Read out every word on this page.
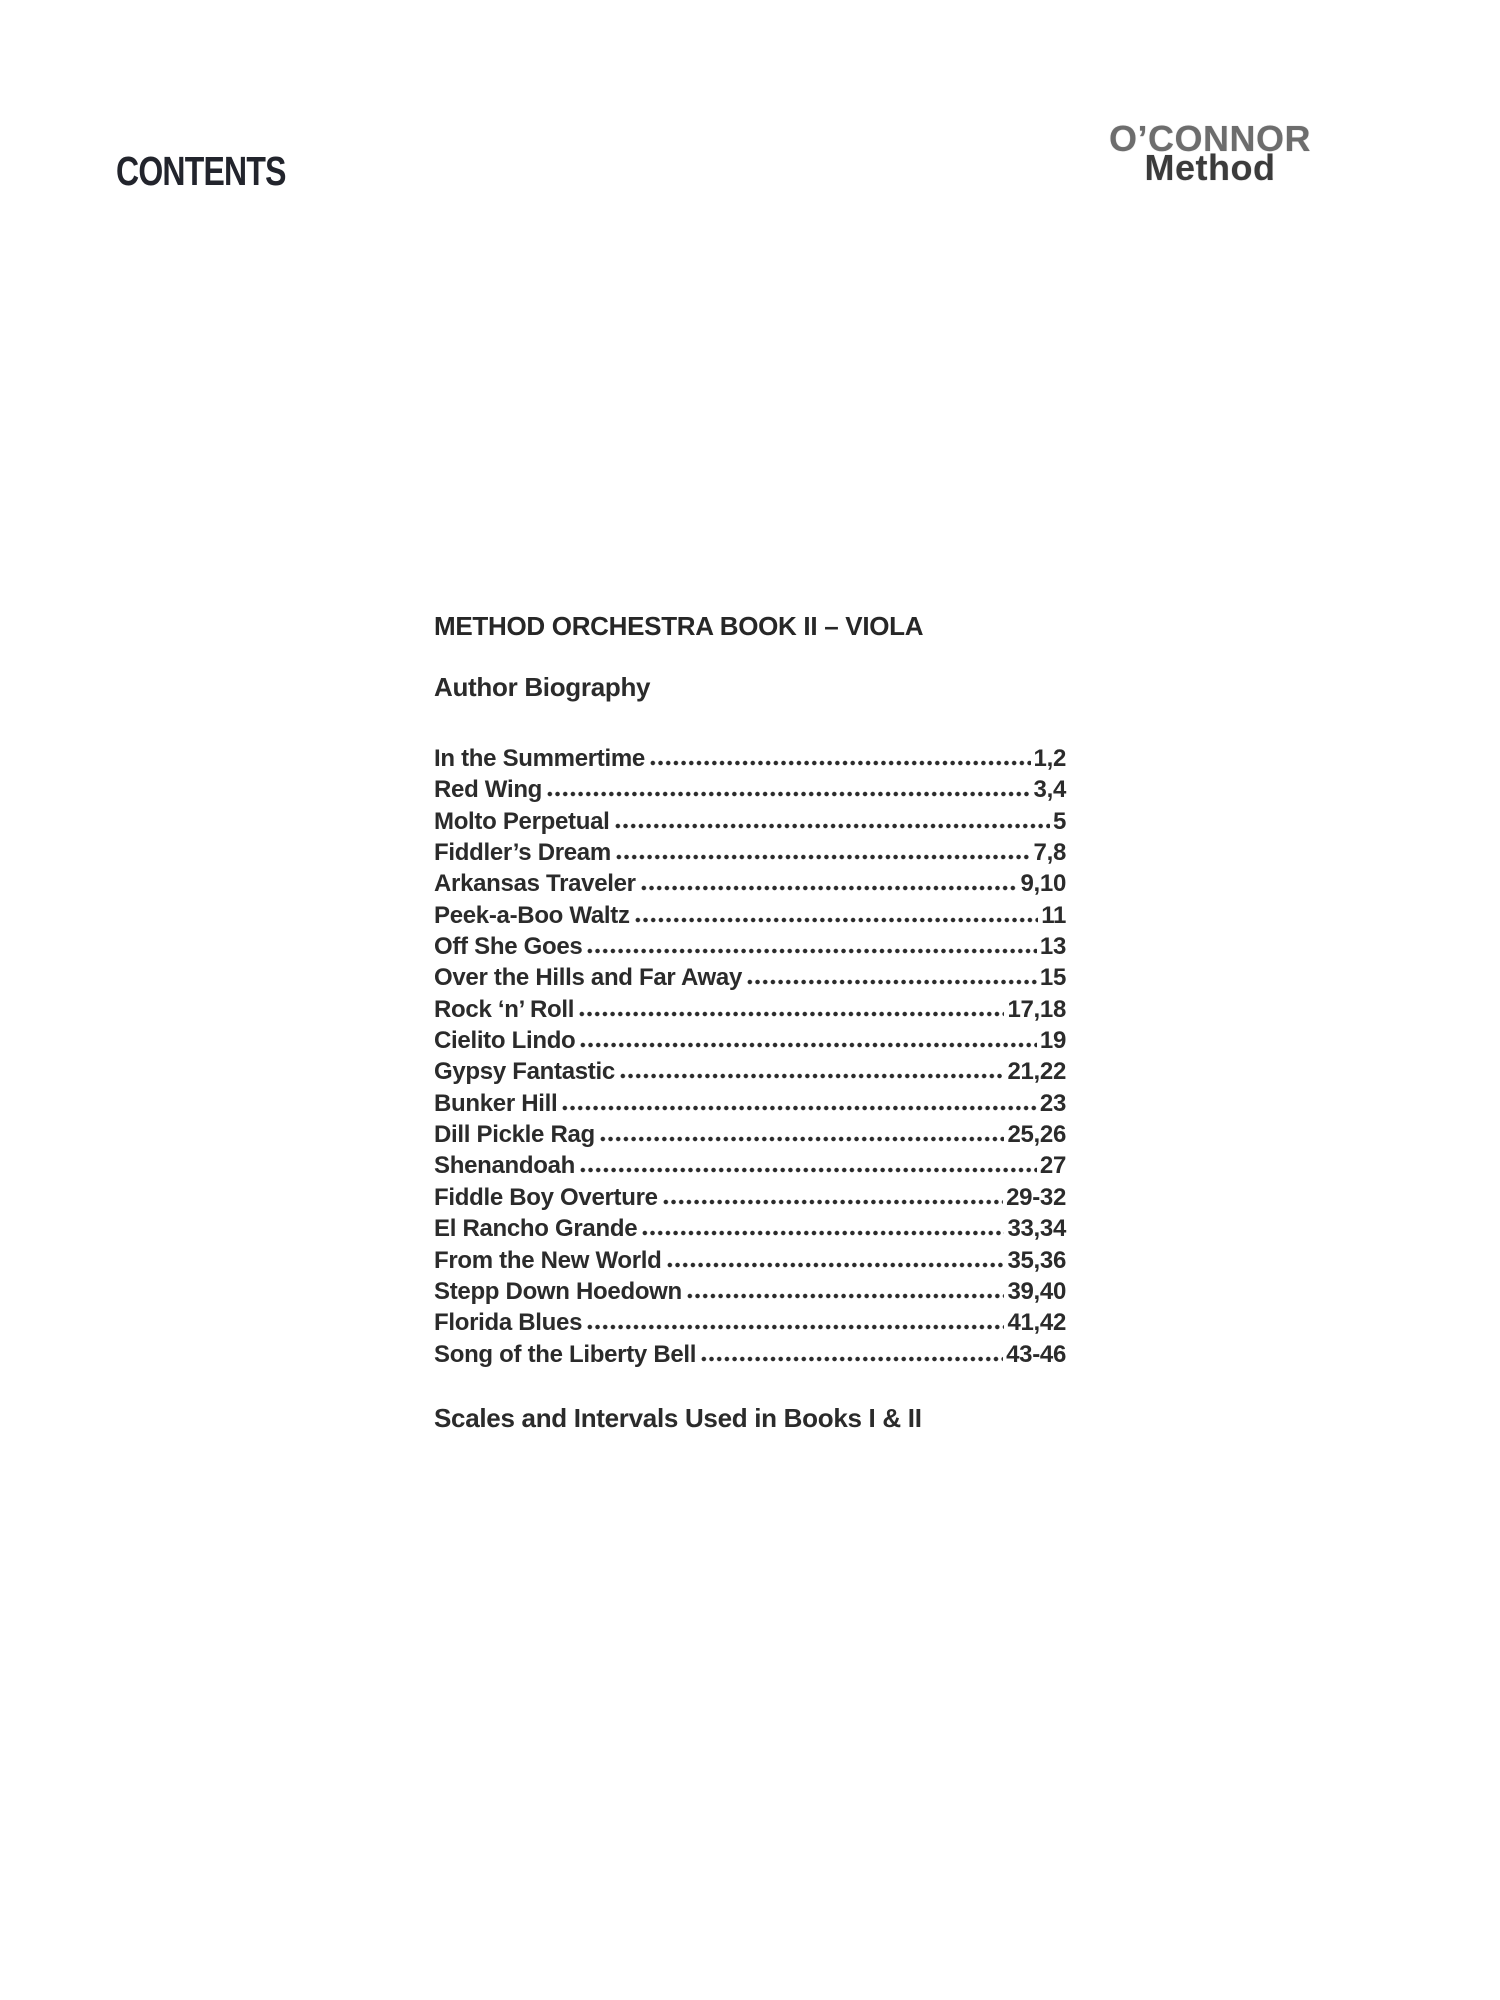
CONTENTS
O’CONNOR
Method
METHOD ORCHESTRA BOOK II – VIOLA
Author Biography
In the Summertime	1,2
Red Wing	3,4
Molto Perpetual	5
Fiddler’s Dream	7,8
Arkansas Traveler	9,10
Peek-a-Boo Waltz	11
Off She Goes	13
Over the Hills and Far Away	15
Rock ‘n’ Roll	17,18
Cielito Lindo	19
Gypsy Fantastic	21,22
Bunker Hill	23
Dill Pickle Rag	25,26
Shenandoah	27
Fiddle Boy Overture	29-32
El Rancho Grande	33,34
From the New World	35,36
Stepp Down Hoedown	39,40
Florida Blues	41,42
Song of the Liberty Bell	43-46
Scales and Intervals Used in Books I & II
